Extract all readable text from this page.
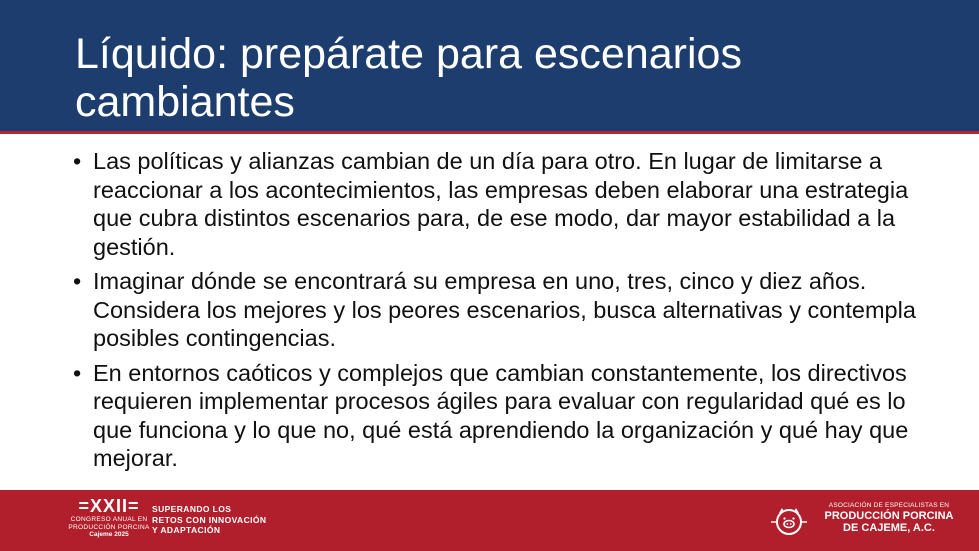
Líquido: prepárate para escenarios cambiantes
• Las políticas y alianzas cambian de un día para otro. En lugar de limitarse a reaccionar a los acontecimientos, las empresas deben elaborar una estrategia que cubra distintos escenarios para, de ese modo, dar mayor estabilidad a la gestión.
• Imaginar dónde se encontrará su empresa en uno, tres, cinco y diez años. Considera los mejores y los peores escenarios, busca alternativas y contempla posibles contingencias.
• En entornos caóticos y complejos que cambian constantemente, los directivos requieren implementar procesos ágiles para evaluar con regularidad qué es lo que funciona y lo que no, qué está aprendiendo la organización y qué hay que mejorar.
=XXII=
CONGRESO ANUAL EN
PRODUCCIÓN PORCINA
Cajeme 2025
SUPERANDO LOS
RETOS CON INNOVACIÓN
Y ADAPTACIÓN
ASOCIACIÓN DE ESPECIALISTAS EN
PRODUCCIÓN PORCINA
DE CAJEME, A.C.
